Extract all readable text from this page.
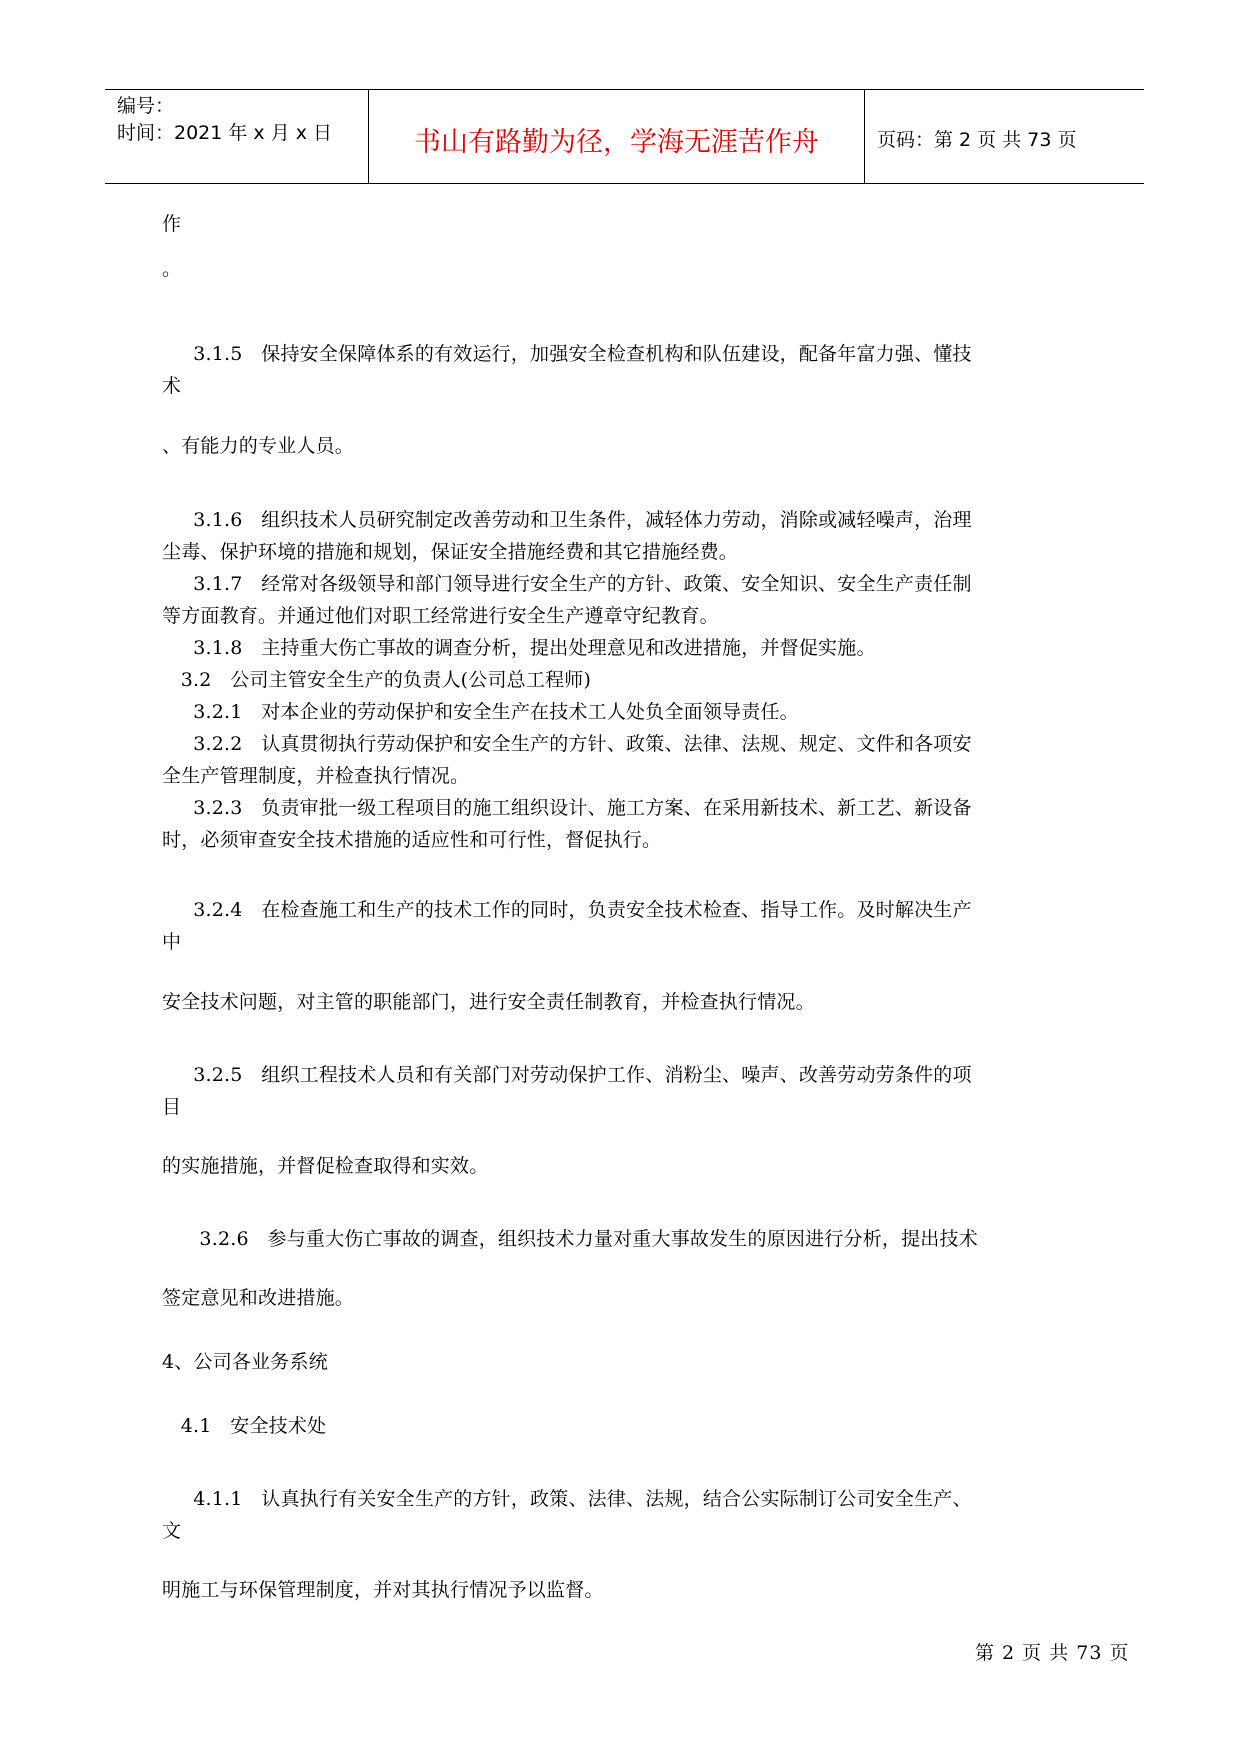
编号：
时间：2021 年 x 月 x 日	书山有路勤为径，学海无涯苦作舟	页码：第 2 页 共 73 页
作
。
3.1.5   保持安全保障体系的有效运行，加强安全检查机构和队伍建设，配备年富力强、懂技
术
、有能力的专业人员。
3.1.6   组织技术人员研究制定改善劳动和卫生条件，减轻体力劳动，消除或减轻噪声，治理
尘毒、保护环境的措施和规划，保证安全措施经费和其它措施经费。
3.1.7   经常对各级领导和部门领导进行安全生产的方针、政策、安全知识、安全生产责任制
等方面教育。并通过他们对职工经常进行安全生产遵章守纪教育。
3.1.8   主持重大伤亡事故的调查分析，提出处理意见和改进措施，并督促实施。
3.2   公司主管安全生产的负责人(公司总工程师)
3.2.1   对本企业的劳动保护和安全生产在技术工人处负全面领导责任。
3.2.2   认真贯彻执行劳动保护和安全生产的方针、政策、法律、法规、规定、文件和各项安
全生产管理制度，并检查执行情况。
3.2.3   负责审批一级工程项目的施工组织设计、施工方案、在采用新技术、新工艺、新设备
时，必须审查安全技术措施的适应性和可行性，督促执行。
3.2.4   在检查施工和生产的技术工作的同时，负责安全技术检查、指导工作。及时解决生产
中
安全技术问题，对主管的职能部门，进行安全责任制教育，并检查执行情况。
3.2.5   组织工程技术人员和有关部门对劳动保护工作、消粉尘、噪声、改善劳动劳条件的项
目
的实施措施，并督促检查取得和实效。
3.2.6   参与重大伤亡事故的调查，组织技术力量对重大事故发生的原因进行分析，提出技术
签定意见和改进措施。
4、公司各业务系统
4.1   安全技术处
4.1.1   认真执行有关安全生产的方针，政策、法律、法规，结合公实际制订公司安全生产、
文
明施工与环保管理制度，并对其执行情况予以监督。
第 2 页 共 73 页
